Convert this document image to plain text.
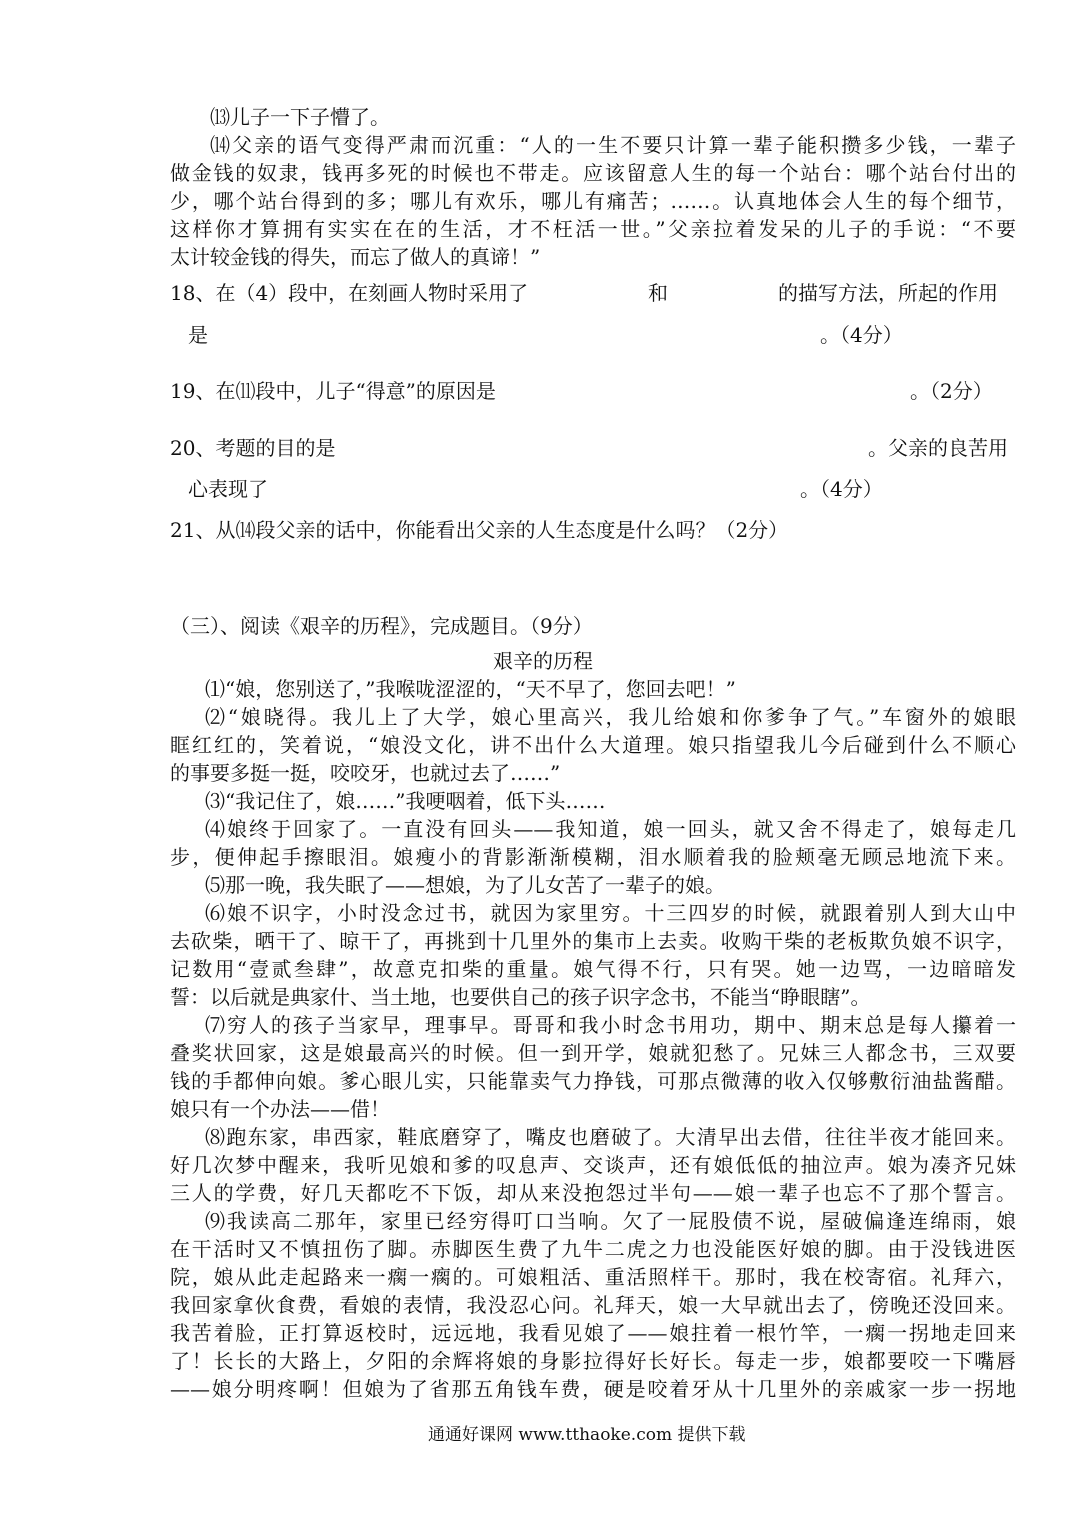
⒀儿子一下子懵了。
⒁父亲的语气变得严肃而沉重：“人的一生不要只计算一辈子能积攒多少钱，一辈子
做金钱的奴隶，钱再多死的时候也不带走。应该留意人生的每一个站台：哪个站台付出的
少，哪个站台得到的多；哪儿有欢乐，哪儿有痛苦；……。认真地体会人生的每个细节，
这样你才算拥有实实在在的生活，才不枉活一世。”父亲拉着发呆的儿子的手说：“不要
太计较金钱的得失，而忘了做人的真谛！”
18、在（4）段中，在刻画人物时采用了	和	的描写方法，所起的作用
是	。（4分）
19、在⑾段中，儿子“得意”的原因是	。（2分）
20、考题的目的是	。父亲的良苦用
心表现了	。（4分）
21、从⒁段父亲的话中，你能看出父亲的人生态度是什么吗？（2分）
（三）、阅读《艰辛的历程》，完成题目。（9分）
艰辛的历程
⑴“娘，您别送了，”我喉咙涩涩的，“天不早了，您回去吧！”
⑵“娘晓得。我儿上了大学，娘心里高兴，我儿给娘和你爹争了气。”车窗外的娘眼
眶红红的，笑着说，“娘没文化，讲不出什么大道理。娘只指望我儿今后碰到什么不顺心
的事要多挺一挺，咬咬牙，也就过去了……”
⑶“我记住了，娘……”我哽咽着，低下头……
⑷娘终于回家了。一直没有回头——我知道，娘一回头，就又舍不得走了，娘每走几
步，便伸起手擦眼泪。娘瘦小的背影渐渐模糊，泪水顺着我的脸颊毫无顾忌地流下来。
⑸那一晚，我失眠了——想娘，为了儿女苦了一辈子的娘。
⑹娘不识字，小时没念过书，就因为家里穷。十三四岁的时候，就跟着别人到大山中
去砍柴，晒干了、晾干了，再挑到十几里外的集市上去卖。收购干柴的老板欺负娘不识字，
记数用“壹贰叁肆”，故意克扣柴的重量。娘气得不行，只有哭。她一边骂，一边暗暗发
誓：以后就是典家什、当土地，也要供自己的孩子识字念书，不能当“睁眼瞎”。
⑺穷人的孩子当家早，理事早。哥哥和我小时念书用功，期中、期末总是每人攥着一
叠奖状回家，这是娘最高兴的时候。但一到开学，娘就犯愁了。兄妹三人都念书，三双要
钱的手都伸向娘。爹心眼儿实，只能靠卖气力挣钱，可那点微薄的收入仅够敷衍油盐酱醋。
娘只有一个办法——借！
⑻跑东家，串西家，鞋底磨穿了，嘴皮也磨破了。大清早出去借，往往半夜才能回来。
好几次梦中醒来，我听见娘和爹的叹息声、交谈声，还有娘低低的抽泣声。娘为凑齐兄妹
三人的学费，好几天都吃不下饭，却从来没抱怨过半句——娘一辈子也忘不了那个誓言。
⑼我读高二那年，家里已经穷得叮口当响。欠了一屁股债不说，屋破偏逢连绵雨，娘
在干活时又不慎扭伤了脚。赤脚医生费了九牛二虎之力也没能医好娘的脚。由于没钱进医
院，娘从此走起路来一瘸一瘸的。可娘粗活、重活照样干。那时，我在校寄宿。礼拜六，
我回家拿伙食费，看娘的表情，我没忍心问。礼拜天，娘一大早就出去了，傍晚还没回来。
我苦着脸，正打算返校时，远远地，我看见娘了——娘拄着一根竹竿，一瘸一拐地走回来
了！长长的大路上，夕阳的余辉将娘的身影拉得好长好长。每走一步，娘都要咬一下嘴唇
——娘分明疼啊！但娘为了省那五角钱车费，硬是咬着牙从十几里外的亲戚家一步一拐地
通通好课网 www.tthaoke.com 提供下载
